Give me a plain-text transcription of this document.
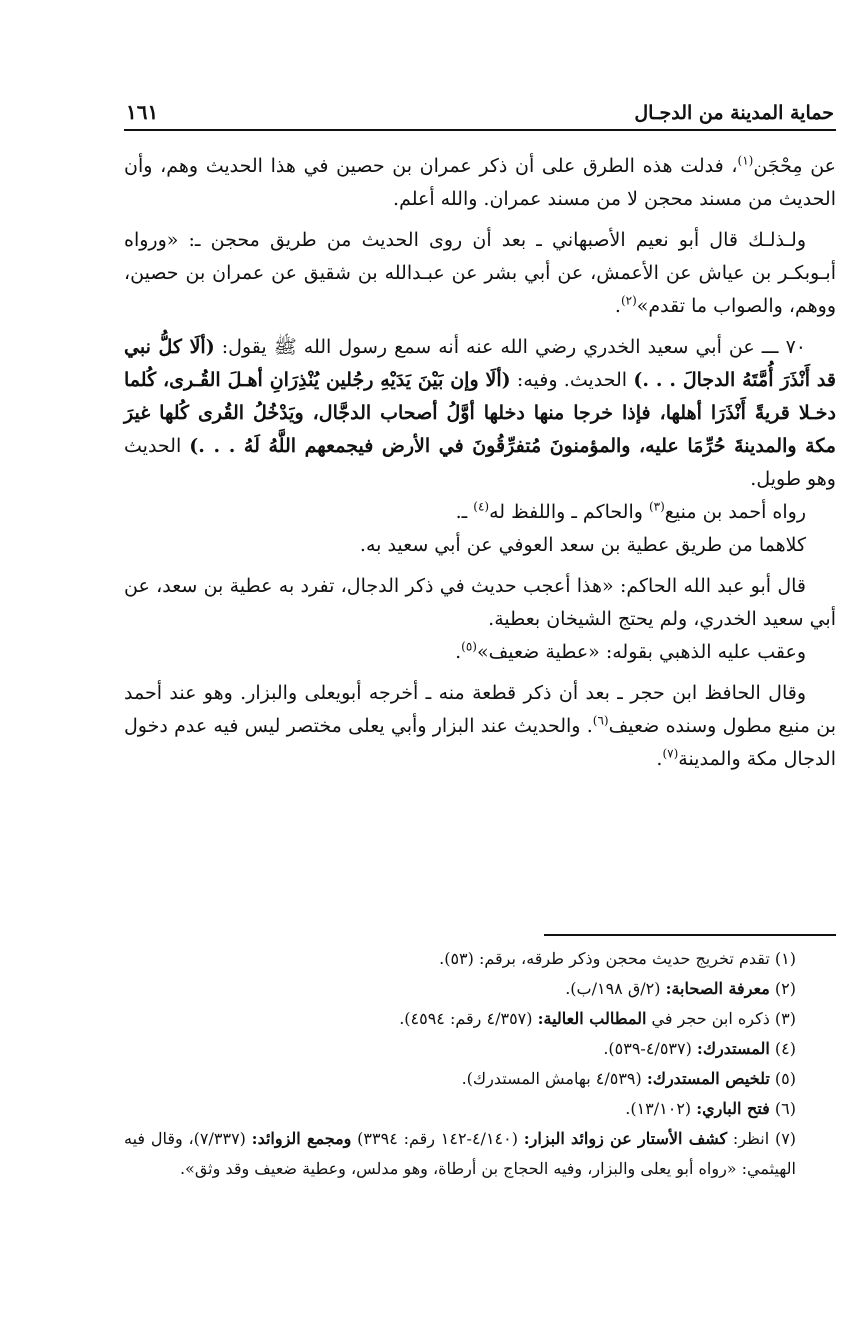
حماية المدينة من الدجـال
١٦١

عن مِحْجَن$^{(١)}$، فدلت هذه الطرق على أن ذكر عمران بن حصين في هذا الحديث وهم، وأن الحديث من مسند محجن لا من مسند عمران. والله أعلم.

ولـذلـك قال أبو نعيم الأصبهاني ـ بعد أن روى الحديث من طريق محجن ـ: «ورواه أبـوبكـر بن عياش عن الأعمش، عن أبي بشر عن عبـدالله بن شقيق عن عمران بن حصين، ووهم، والصواب ما تقدم»$^{(٢)}$.

٧٠ ـــ عن أبي سعيد الخدري رضي الله عنه أنه سمع رسول الله ﷺ يقول: (ألَا كلُّ نبي قد أَنْذَرَ أُمَّتَهُ الدجالَ . . .) الحديث. وفيه: (ألَا وإن بَيْنَ يَدَيْهِ رجُلين يُنْذِرَانِ أهـلَ القُـرى، كُلما دخـلا قريةً أَنْذَرَا أهلها، فإذا خرجا منها دخلها أوَّلُ أصحاب الدجَّال، ويَدْخُلُ القُرى كُلها غيرَ مكة والمدينةَ حُرِّمَا عليه، والمؤمنونَ مُتفرِّقُونَ في الأرض فيجمعهم اللَّهُ لَهُ . . .) الحديث وهو طويل.

رواه أحمد بن منيع$^{(٣)}$ والحاكم ـ واللفظ له$^{(٤)}$ ـ.

كلاهما من طريق عطية بن سعد العوفي عن أبي سعيد به.

قال أبو عبد الله الحاكم: «هذا أعجب حديث في ذكر الدجال، تفرد به عطية بن سعد، عن أبي سعيد الخدري، ولم يحتج الشيخان بعطية.

وعقب عليه الذهبي بقوله: «عطية ضعيف»$^{(٥)}$.

وقال الحافظ ابن حجر ـ بعد أن ذكر قطعة منه ـ أخرجه أبويعلى والبزار. وهو عند أحمد بن منيع مطول وسنده ضعيف$^{(٦)}$. والحديث عند البزار وأبي يعلى مختصر ليس فيه عدم دخول الدجال مكة والمدينة$^{(٧)}$.

(١) تقدم تخريج حديث محجن وذكر طرقه، برقم: (٥٣).

(٢) معرفة الصحابة: (٢/ق ١٩٨/ب).

(٣) ذكره ابن حجر في المطالب العالية: (٤/٣٥٧ رقم: ٤٥٩٤).

(٤) المستدرك: (٤/٥٣٧-٥٣٩).

(٥) تلخيص المستدرك: (٤/٥٣٩ بهامش المستدرك).

(٦) فتح الباري: (١٣/١٠٢).

(٧) انظر: كشف الأستار عن زوائد البزار: (٤/١٤٠-١٤٢ رقم: ٣٣٩٤) ومجمع الزوائد: (٧/٣٣٧)، وقال فيه الهيثمي: «رواه أبو يعلى والبزار، وفيه الحجاج بن أرطاة، وهو مدلس، وعطية ضعيف وقد وثق».
